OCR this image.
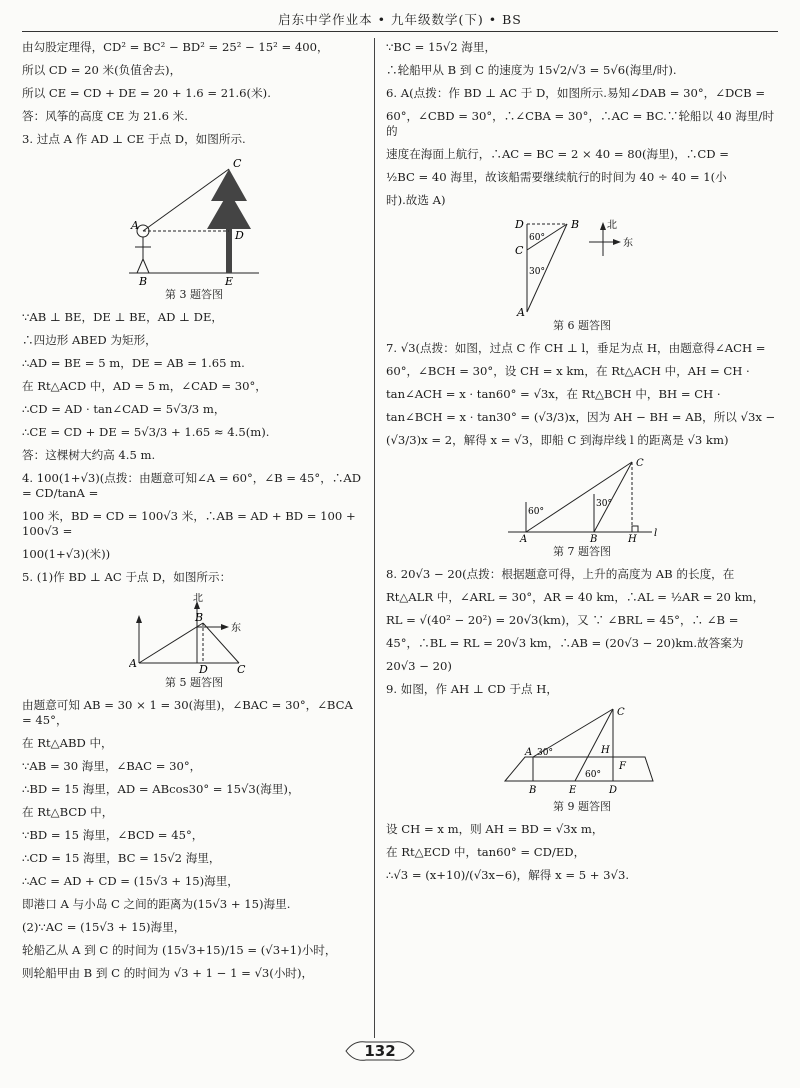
启东中学作业本 • 九年级数学(下) • BS

由勾股定理得，CD² = BC² − BD² = 25² − 15² = 400，

所以 CD = 20 米(负值舍去)，

所以 CE = CD + DE = 20 + 1.6 = 21.6(米).

答：风筝的高度 CE 为 21.6 米.

3. 过点 A 作 AD ⊥ CE 于点 D，如图所示.

A
B
C
D
E
第 3 题答图

∵AB ⊥ BE，DE ⊥ BE，AD ⊥ DE，

∴四边形 ABED 为矩形，

∴AD = BE = 5 m，DE = AB = 1.65 m.

在 Rt△ACD 中，AD = 5 m，∠CAD = 30°，

∴CD = AD · tan∠CAD = 5√3/3 m，

∴CE = CD + DE = 5√3/3 + 1.65 ≈ 4.5(m).

答：这棵树大约高 4.5 m.

4. 100(1+√3)(点拨：由题意可知∠A = 60°，∠B = 45°，∴AD = CD/tanA =

100 米，BD = CD = 100√3 米，∴AB = AD + BD = 100 + 100√3 =

100(1+√3)(米))

5. (1)作 BD ⊥ AC 于点 D，如图所示：

北
东
A
B
C
D
第 5 题答图

由题意可知 AB = 30 × 1 = 30(海里)，∠BAC = 30°，∠BCA = 45°，

在 Rt△ABD 中，

∵AB = 30 海里，∠BAC = 30°，

∴BD = 15 海里，AD = ABcos30° = 15√3(海里)，

在 Rt△BCD 中，

∵BD = 15 海里，∠BCD = 45°，

∴CD = 15 海里，BC = 15√2 海里，

∴AC = AD + CD = (15√3 + 15)海里，

即港口 A 与小岛 C 之间的距离为(15√3 + 15)海里.

(2)∵AC = (15√3 + 15)海里，

轮船乙从 A 到 C 的时间为 (15√3+15)/15 = (√3+1)小时，

则轮船甲由 B 到 C 的时间为 √3 + 1 − 1 = √3(小时)，

∵BC = 15√2 海里，

∴轮船甲从 B 到 C 的速度为 15√2/√3 = 5√6(海里/时).

6. A(点拨：作 BD ⊥ AC 于 D，如图所示.易知∠DAB = 30°，∠DCB =

60°，∠CBD = 30°，∴∠CBA = 30°，∴AC = BC.∵轮船以 40 海里/时的

速度在海面上航行，∴AC = BC = 2 × 40 = 80(海里)，∴CD =

½BC = 40 海里，故该船需要继续航行的时间为 40 ÷ 40 = 1(小

时).故选 A)

60°
30°
D	B
C
A
北
东
第 6 题答图

7. √3(点拨：如图，过点 C 作 CH ⊥ l，垂足为点 H，由题意得∠ACH =

60°，∠BCH = 30°，设 CH = x km，在 Rt△ACH 中，AH = CH ·

tan∠ACH = x · tan60° = √3x，在 Rt△BCH 中，BH = CH ·

tan∠BCH = x · tan30° = (√3/3)x，因为 AH − BH = AB，所以 √3x −

(√3/3)x = 2，解得 x = √3，即船 C 到海岸线 l 的距离是 √3 km)

60°
30°
A	B	H
C
l
第 7 题答图

8. 20√3 − 20(点拨：根据题意可得，上升的高度为 AB 的长度，在

Rt△ALR 中，∠ARL = 30°，AR = 40 km，∴AL = ½AR = 20 km，

RL = √(40² − 20²) = 20√3(km)，又 ∵ ∠BRL = 45°，∴ ∠B =

45°，∴BL = RL = 20√3 km，∴AB = (20√3 − 20)km.故答案为

20√3 − 20)

9. 如图，作 AH ⊥ CD 于点 H，

30°
60°
A
B
C
D
E
F
H
第 9 题答图

设 CH = x m，则 AH = BD = √3x m，

在 Rt△ECD 中，tan60° = CD/ED，

∴√3 = (x+10)/(√3x−6)，解得 x = 5 + 3√3.

132
